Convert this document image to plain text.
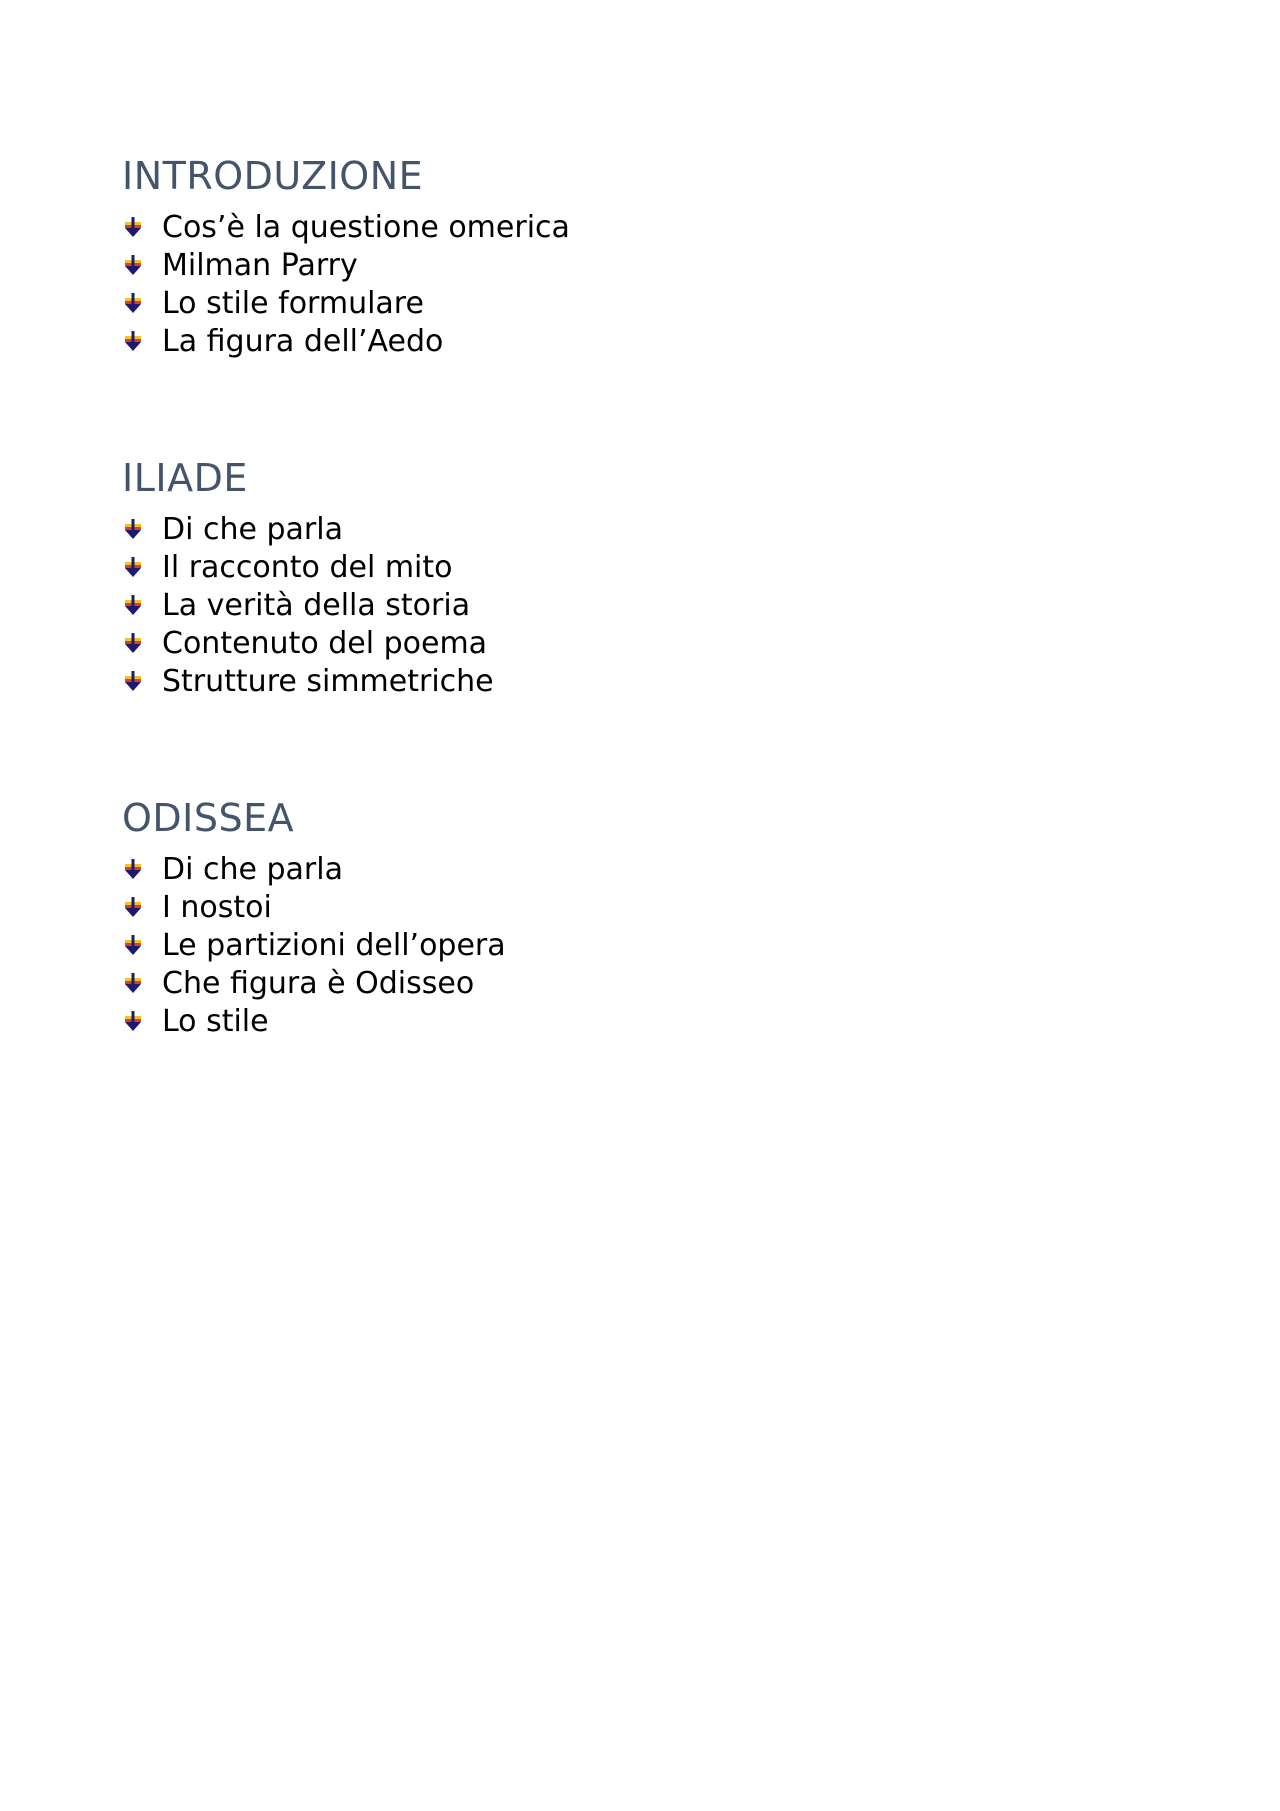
INTRODUZIONE
Cos’è la questione omerica
Milman Parry
Lo stile formulare
La figura dell’Aedo
ILIADE
Di che parla
Il racconto del mito
La verità della storia
Contenuto del poema
Strutture simmetriche
ODISSEA
Di che parla
I nostoi
Le partizioni dell’opera
Che figura è Odisseo
Lo stile
